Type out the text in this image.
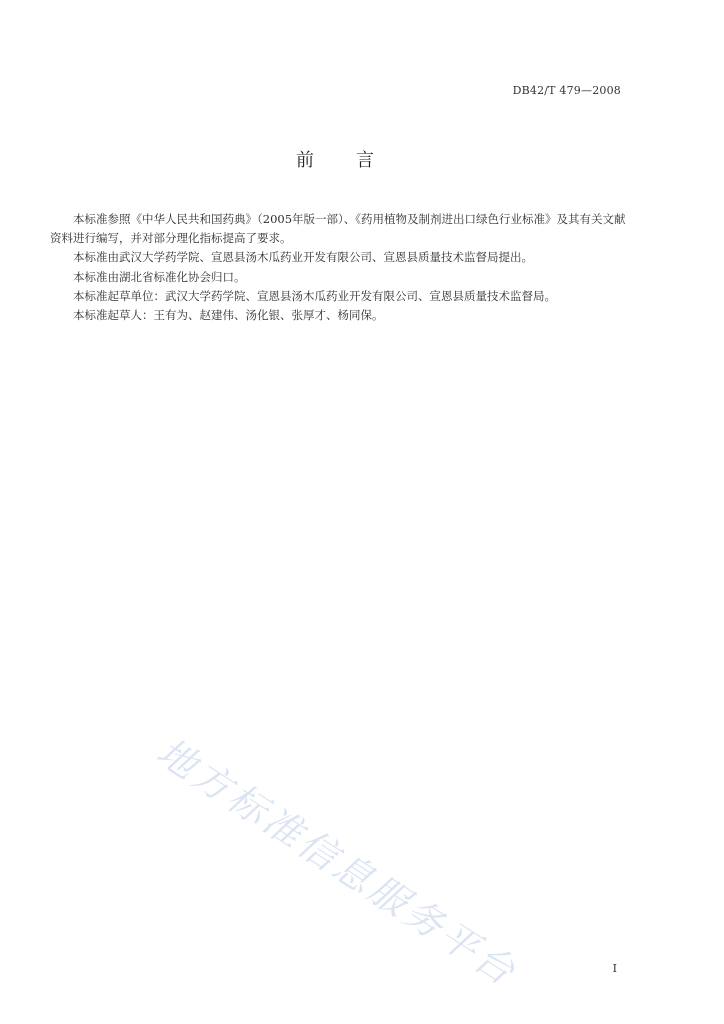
DB42/T 479—2008
前言

本标准参照《中华人民共和国药典》（2005年版一部）、《药用植物及制剂进出口绿色行业标准》及其有关文献资料进行编写，并对部分理化指标提高了要求。

本标准由武汉大学药学院、宣恩县汤木瓜药业开发有限公司、宣恩县质量技术监督局提出。

本标准由湖北省标准化协会归口。

本标准起草单位：武汉大学药学院、宣恩县汤木瓜药业开发有限公司、宣恩县质量技术监督局。

本标准起草人：王有为、赵建伟、汤化银、张厚才、杨同保。

地方标准信息服务平台	I
